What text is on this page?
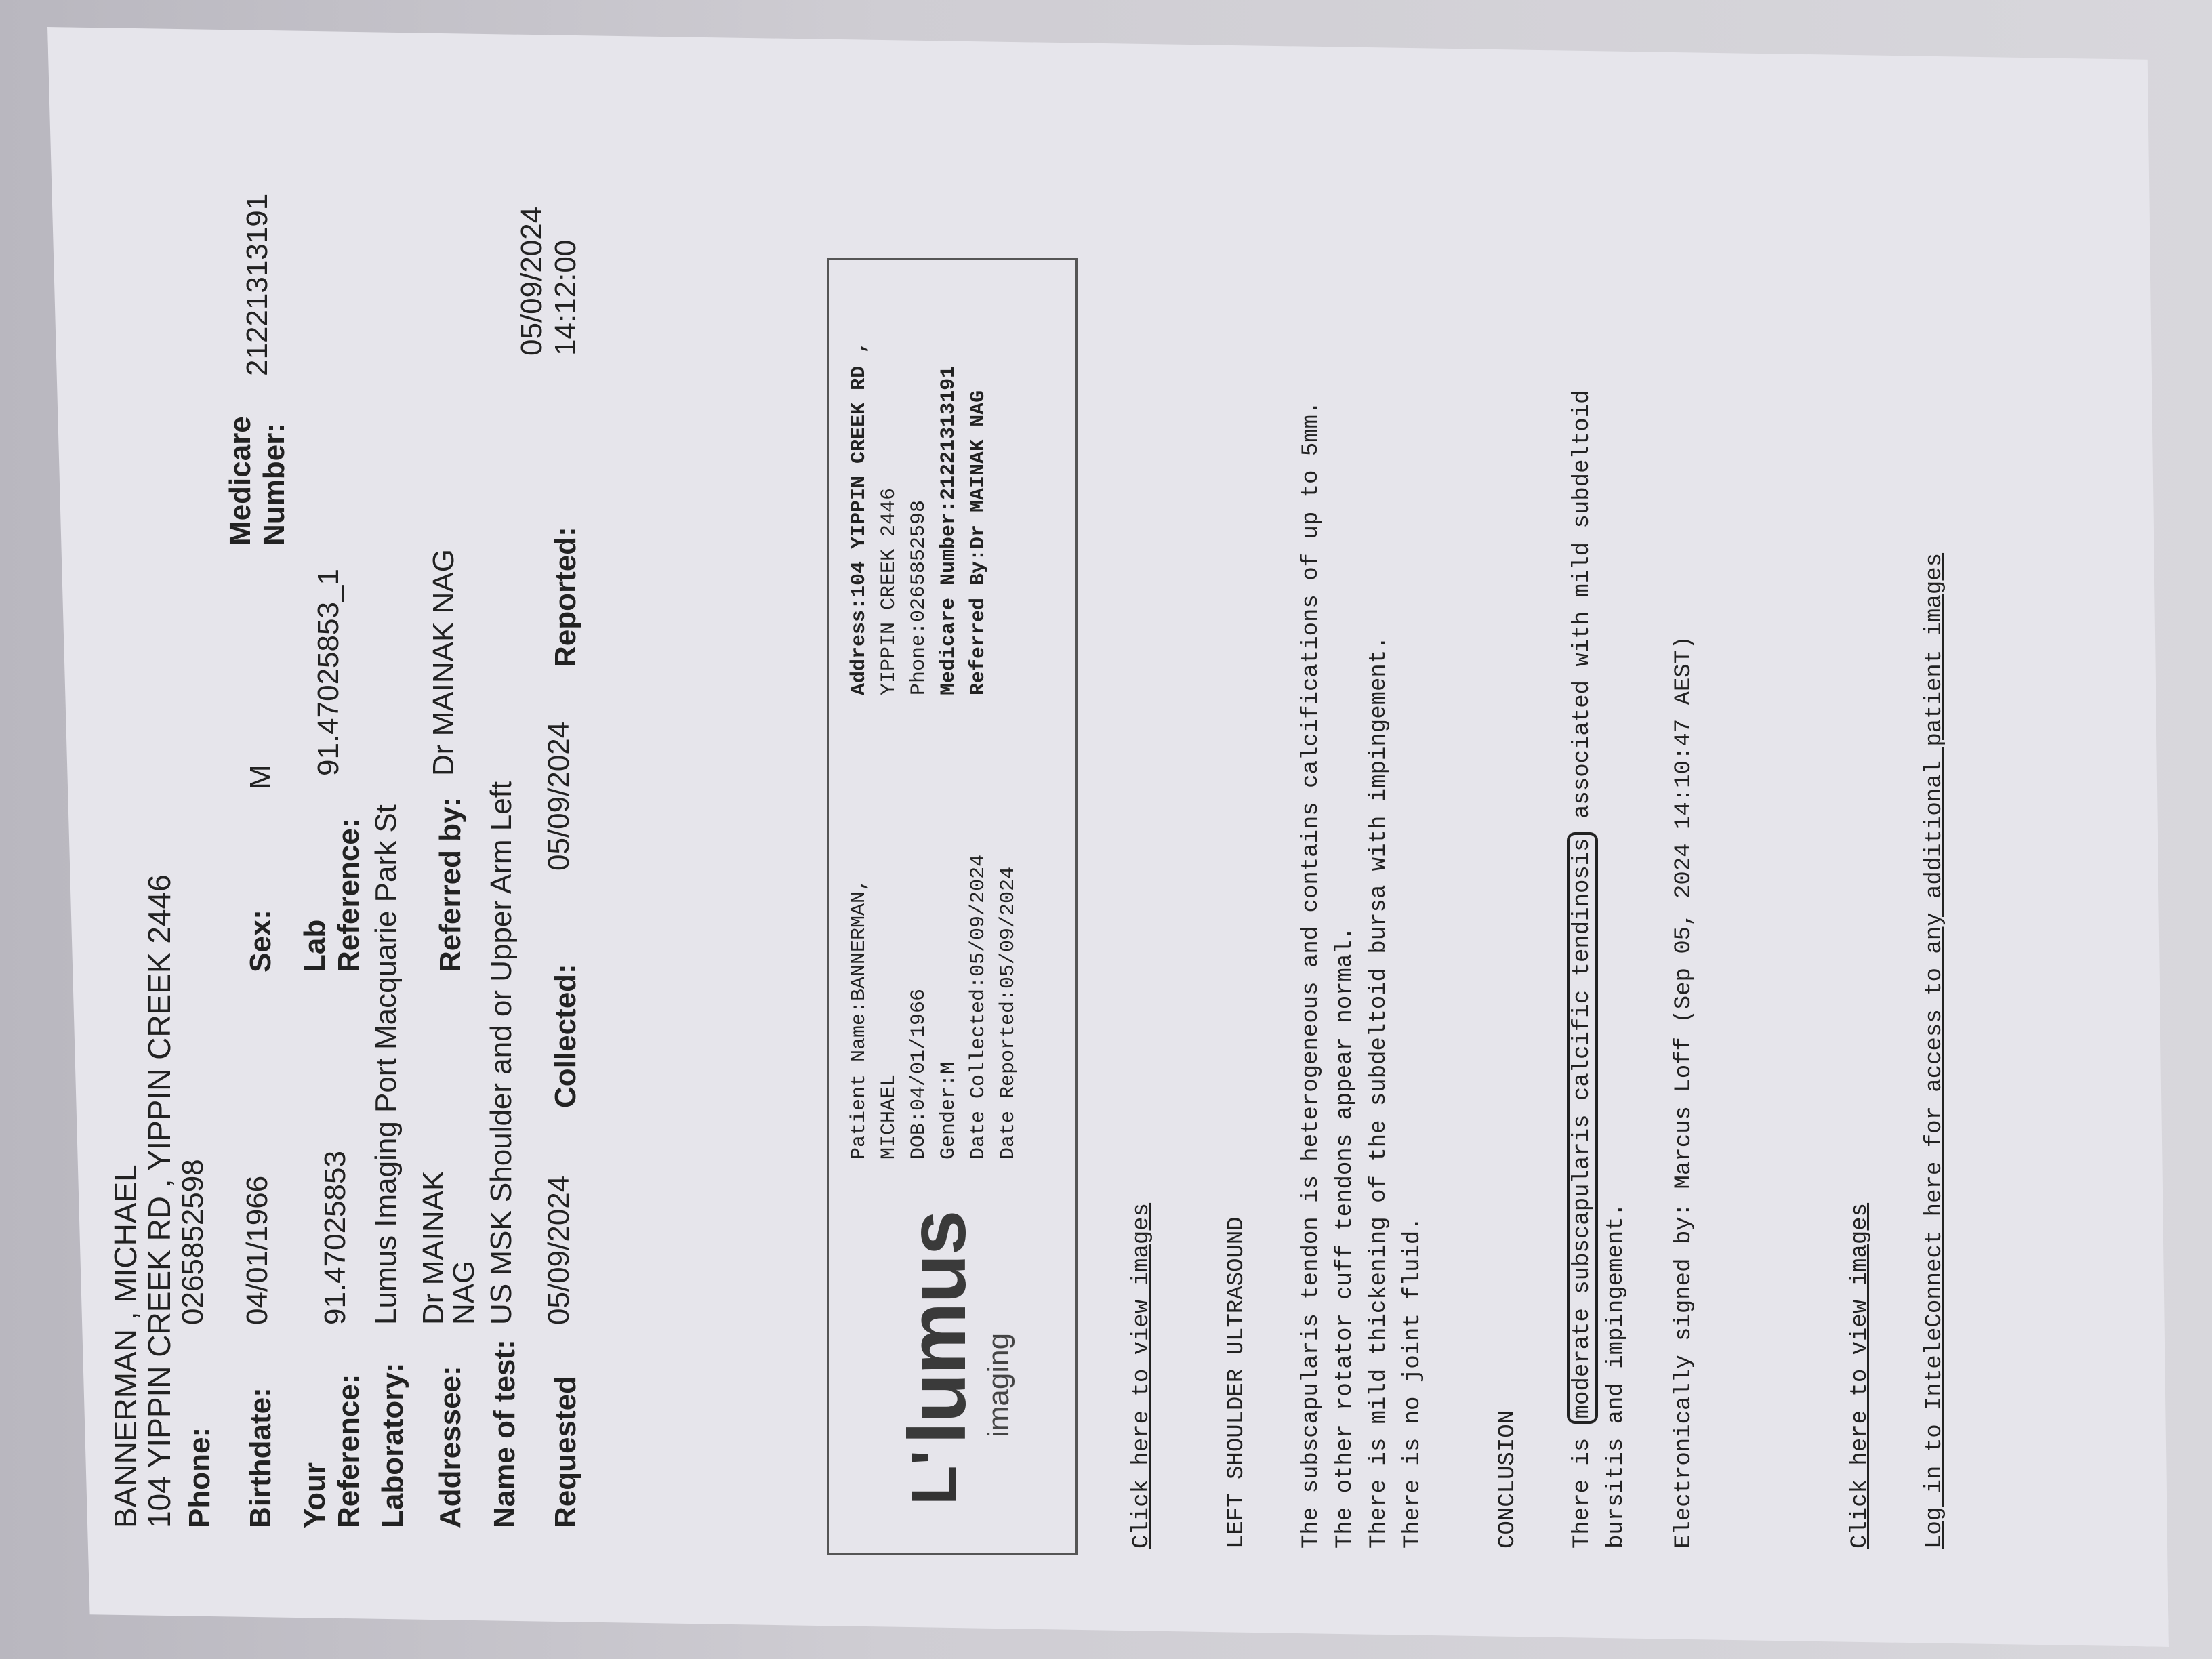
BANNERMAN , MICHAEL
104 YIPPIN CREEK RD , YIPPIN CREEK 2446 Phone:
0265852598
Birthdate:
04/01/1966
Sex:
M
Medicare Number:
21221313191
Your Reference:
91.47025853
Lab Reference:
91.47025853_1
Laboratory:
Lumus Imaging Port Macquarie Park St
Addressee:
Dr MAINAK
NAG
Referred by:
Dr MAINAK NAG
Name of test:
US MSK Shoulder and or Upper Arm Left
Requested
05/09/2024
Collected:
05/09/2024
Reported:
05/09/2024 14:12:00
L'
lumus imaging
Patient Name:BANNERMAN, MICHAEL DOB:04/01/1966 Gender:M Date Collected:05/09/2024 Date Reported:05/09/2024
Address:104 YIPPIN CREEK RD , YIPPIN CREEK 2446 Phone:0265852598 Medicare Number:21221313191 Referred By:Dr MAINAK NAG
Click here to view images	LEFT SHOULDER ULTRASOUND The subscapularis tendon is heterogeneous and contains calcifications of up to 5mm. The other rotator cuff tendons appear normal. There is mild thickening of the subdeltoid bursa with impingement. There is no joint fluid.	CONCLUSION There is moderate subscapularis calcific tendinosis associated with mild subdeltoid
bursitis and impingement. Electronically signed by: Marcus Loff (Sep 05, 2024 14:10:47 AEST)	Click here to view images Log in to InteleConnect here for access to any additional patient images
